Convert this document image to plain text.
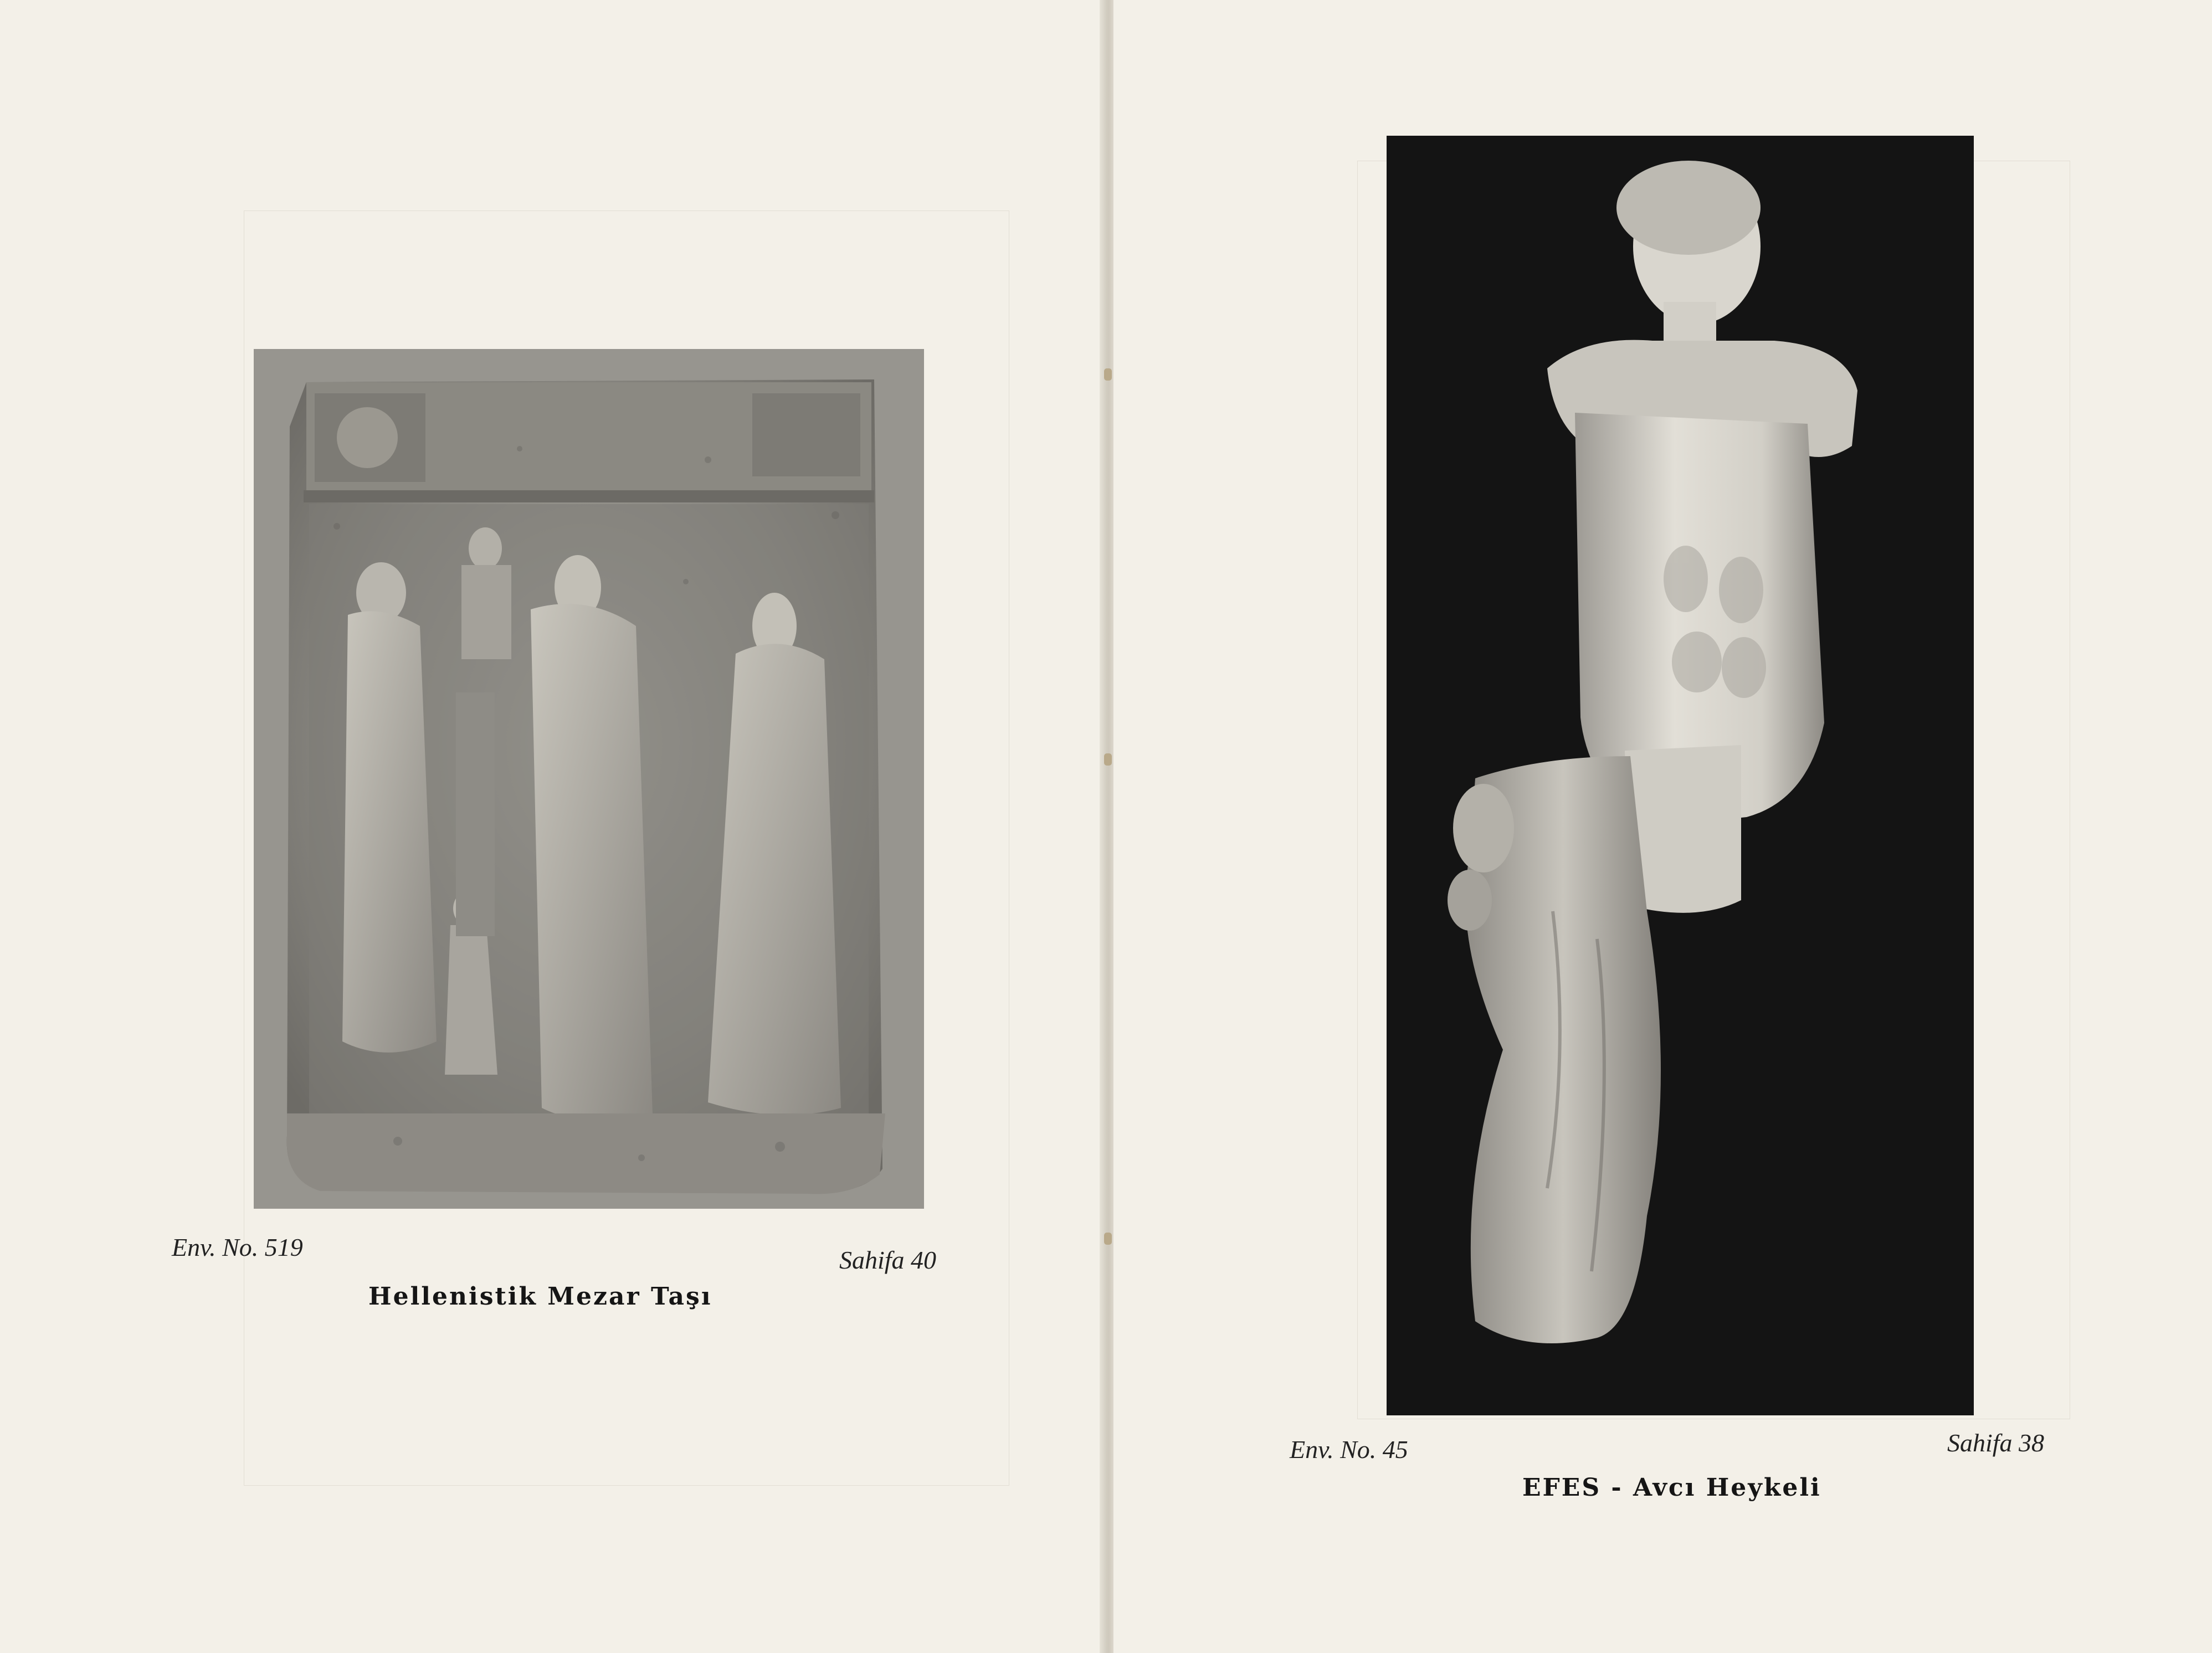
Env. No. 519	Sahifa 40
Hellenistik Mezar Taşı
Env. No. 45	Sahifa 38
EFES - Avcı Heykeli
